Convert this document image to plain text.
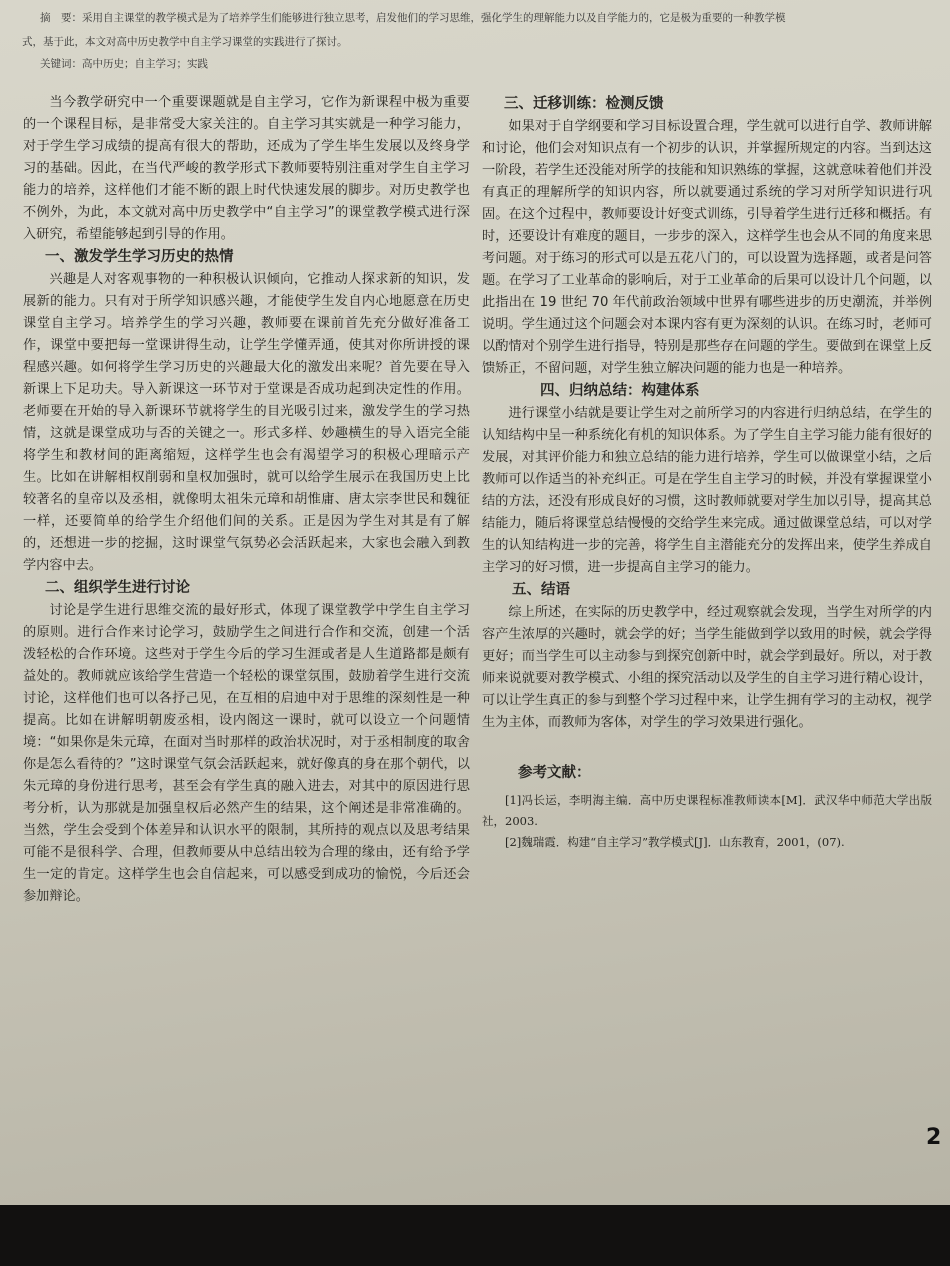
摘　要：采用自主课堂的教学模式是为了培养学生们能够进行独立思考，启发他们的学习思维，强化学生的理解能力以及自学能力的，它是极为重要的一种教学模
式，基于此，本文对高中历史教学中自主学习课堂的实践进行了探讨。
关键词：高中历史；自主学习；实践

当今教学研究中一个重要课题就是自主学习，它作为新课程中极为重要的一个课程目标，是非常受大家关注的。自主学习其实就是一种学习能力，对于学生学习成绩的提高有很大的帮助，还成为了学生毕生发展以及终身学习的基础。因此，在当代严峻的教学形式下教师要特别注重对学生自主学习能力的培养，这样他们才能不断的跟上时代快速发展的脚步。对历史教学也不例外，为此，本文就对高中历史教学中“自主学习”的课堂教学模式进行深入研究，希望能够起到引导的作用。

一、激发学生学习历史的热情

兴趣是人对客观事物的一种积极认识倾向，它推动人探求新的知识，发展新的能力。只有对于所学知识感兴趣，才能使学生发自内心地愿意在历史课堂自主学习。培养学生的学习兴趣，教师要在课前首先充分做好准备工作，课堂中要把每一堂课讲得生动，让学生学懂弄通，使其对你所讲授的课程感兴趣。如何将学生学习历史的兴趣最大化的激发出来呢？首先要在导入新课上下足功夫。导入新课这一环节对于堂课是否成功起到决定性的作用。老师要在开始的导入新课环节就将学生的目光吸引过来，激发学生的学习热情，这就是课堂成功与否的关键之一。形式多样、妙趣横生的导入语完全能将学生和教材间的距离缩短，这样学生也会有渴望学习的积极心理暗示产生。比如在讲解相权削弱和皇权加强时，就可以给学生展示在我国历史上比较著名的皇帝以及丞相，就像明太祖朱元璋和胡惟庸、唐太宗李世民和魏征一样，还要简单的给学生介绍他们间的关系。正是因为学生对其是有了解的，还想进一步的挖掘，这时课堂气氛势必会活跃起来，大家也会融入到教学内容中去。

二、组织学生进行讨论

讨论是学生进行思维交流的最好形式，体现了课堂教学中学生自主学习的原则。进行合作来讨论学习，鼓励学生之间进行合作和交流，创建一个活泼轻松的合作环境。这些对于学生今后的学习生涯或者是人生道路都是颇有益处的。教师就应该给学生营造一个轻松的课堂氛围，鼓励着学生进行交流讨论，这样他们也可以各抒己见，在互相的启迪中对于思维的深刻性是一种提高。比如在讲解明朝废丞相，设内阁这一课时，就可以设立一个问题情境：“如果你是朱元璋，在面对当时那样的政治状况时，对于丞相制度的取舍你是怎么看待的？”这时课堂气氛会活跃起来，就好像真的身在那个朝代，以朱元璋的身份进行思考，甚至会有学生真的融入进去，对其中的原因进行思考分析，认为那就是加强皇权后必然产生的结果，这个阐述是非常准确的。当然，学生会受到个体差异和认识水平的限制，其所持的观点以及思考结果可能不是很科学、合理，但教师要从中总结出较为合理的缘由，还有给予学生一定的肯定。这样学生也会自信起来，可以感受到成功的愉悦，今后还会参加辩论。

三、迁移训练：检测反馈

如果对于自学纲要和学习目标设置合理，学生就可以进行自学、教师讲解和讨论，他们会对知识点有一个初步的认识，并掌握所规定的内容。当到达这一阶段，若学生还没能对所学的技能和知识熟练的掌握，这就意味着他们并没有真正的理解所学的知识内容，所以就要通过系统的学习对所学知识进行巩固。在这个过程中，教师要设计好变式训练，引导着学生进行迁移和概括。有时，还要设计有难度的题目，一步步的深入，这样学生也会从不同的角度来思考问题。对于练习的形式可以是五花八门的，可以设置为选择题，或者是问答题。在学习了工业革命的影响后，对于工业革命的后果可以设计几个问题，以此指出在 19 世纪 70 年代前政治领域中世界有哪些进步的历史潮流，并举例说明。学生通过这个问题会对本课内容有更为深刻的认识。在练习时，老师可以酌情对个别学生进行指导，特别是那些存在问题的学生。要做到在课堂上反馈矫正，不留问题，对学生独立解决问题的能力也是一种培养。

四、归纳总结：构建体系

进行课堂小结就是要让学生对之前所学习的内容进行归纳总结，在学生的认知结构中呈一种系统化有机的知识体系。为了学生自主学习能力能有很好的发展，对其评价能力和独立总结的能力进行培养，学生可以做课堂小结，之后教师可以作适当的补充纠正。可是在学生自主学习的时候，并没有掌握课堂小结的方法，还没有形成良好的习惯，这时教师就要对学生加以引导，提高其总结能力，随后将课堂总结慢慢的交给学生来完成。通过做课堂总结，可以对学生的认知结构进一步的完善，将学生自主潜能充分的发挥出来，使学生养成自主学习的好习惯，进一步提高自主学习的能力。

五、结语

综上所述，在实际的历史教学中，经过观察就会发现，当学生对所学的内容产生浓厚的兴趣时，就会学的好；当学生能做到学以致用的时候，就会学得更好；而当学生可以主动参与到探究创新中时，就会学到最好。所以，对于教师来说就要对教学模式、小组的探究活动以及学生的自主学习进行精心设计，可以让学生真正的参与到整个学习过程中来，让学生拥有学习的主动权，视学生为主体，而教师为客体，对学生的学习效果进行强化。

参考文献：

[1]冯长运，李明海主编．高中历史课程标准教师读本[M]．武汉华中师范大学出版社，2003.

[2]魏瑞霞．构建“自主学习”教学模式[J]．山东教育，2001，(07).

2
